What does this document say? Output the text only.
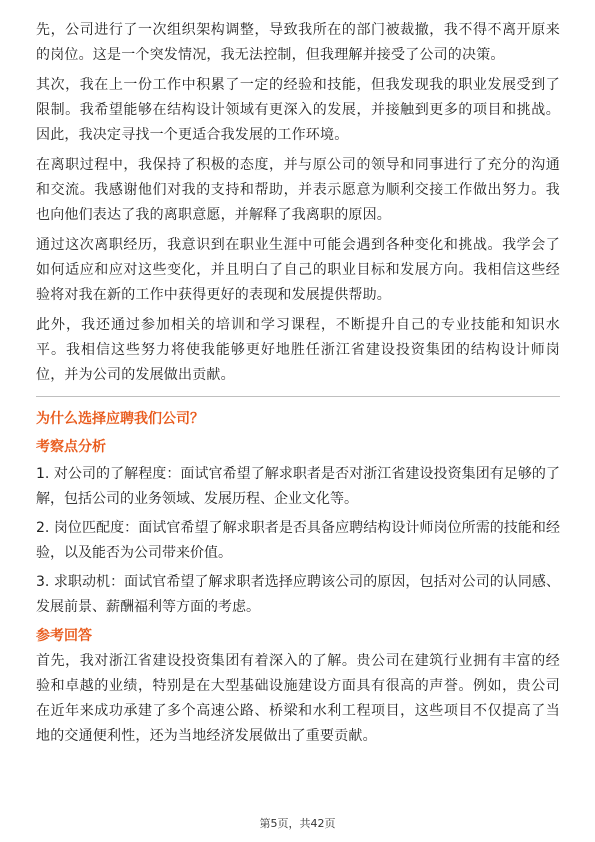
先，公司进行了一次组织架构调整，导致我所在的部门被裁撤，我不得不离开原来的岗位。这是一个突发情况，我无法控制，但我理解并接受了公司的决策。

其次，我在上一份工作中积累了一定的经验和技能，但我发现我的职业发展受到了限制。我希望能够在结构设计领域有更深入的发展，并接触到更多的项目和挑战。因此，我决定寻找一个更适合我发展的工作环境。

在离职过程中，我保持了积极的态度，并与原公司的领导和同事进行了充分的沟通和交流。我感谢他们对我的支持和帮助，并表示愿意为顺利交接工作做出努力。我也向他们表达了我的离职意愿，并解释了我离职的原因。

通过这次离职经历，我意识到在职业生涯中可能会遇到各种变化和挑战。我学会了如何适应和应对这些变化，并且明白了自己的职业目标和发展方向。我相信这些经验将对我在新的工作中获得更好的表现和发展提供帮助。

此外，我还通过参加相关的培训和学习课程，不断提升自己的专业技能和知识水平。我相信这些努力将使我能够更好地胜任浙江省建设投资集团的结构设计师岗位，并为公司的发展做出贡献。

为什么选择应聘我们公司？
考察点分析
1. 对公司的了解程度：面试官希望了解求职者是否对浙江省建设投资集团有足够的了解，包括公司的业务领域、发展历程、企业文化等。
2. 岗位匹配度：面试官希望了解求职者是否具备应聘结构设计师岗位所需的技能和经验，以及能否为公司带来价值。
3. 求职动机：面试官希望了解求职者选择应聘该公司的原因，包括对公司的认同感、发展前景、薪酬福利等方面的考虑。
参考回答

首先，我对浙江省建设投资集团有着深入的了解。贵公司在建筑行业拥有丰富的经验和卓越的业绩，特别是在大型基础设施建设方面具有很高的声誉。例如，贵公司在近年来成功承建了多个高速公路、桥梁和水利工程项目，这些项目不仅提高了当地的交通便利性，还为当地经济发展做出了重要贡献。

第5页，共42页
